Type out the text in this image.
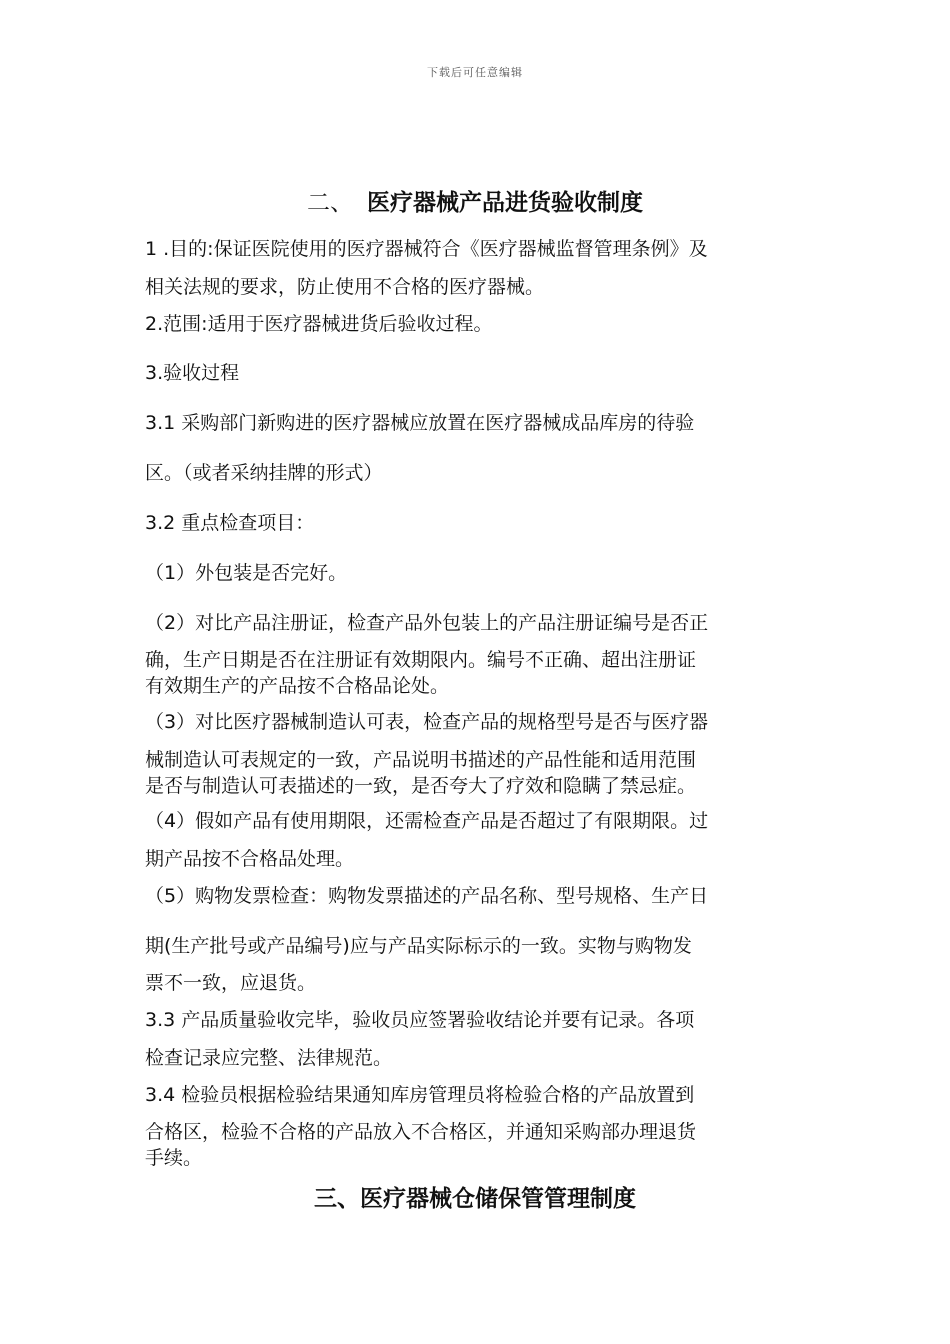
下载后可任意编辑
二、 医疗器械产品进货验收制度
1 .目的:保证医院使用的医疗器械符合《医疗器械监督管理条例》及
相关法规的要求，防止使用不合格的医疗器械。
2.范围:适用于医疗器械进货后验收过程。
3.验收过程
3.1 采购部门新购进的医疗器械应放置在医疗器械成品库房的待验
区。（或者采纳挂牌的形式）
3.2 重点检查项目：
（1）外包装是否完好。
（2）对比产品注册证，检查产品外包装上的产品注册证编号是否正
确，生产日期是否在注册证有效期限内。编号不正确、超出注册证
有效期生产的产品按不合格品论处。
（3）对比医疗器械制造认可表，检查产品的规格型号是否与医疗器
械制造认可表规定的一致，产品说明书描述的产品性能和适用范围
是否与制造认可表描述的一致，是否夸大了疗效和隐瞒了禁忌症。
（4）假如产品有使用期限，还需检查产品是否超过了有限期限。过
期产品按不合格品处理。
（5）购物发票检查：购物发票描述的产品名称、型号规格、生产日
期(生产批号或产品编号)应与产品实际标示的一致。实物与购物发
票不一致，应退货。
3.3 产品质量验收完毕，验收员应签署验收结论并要有记录。各项
检查记录应完整、法律规范。
3.4 检验员根据检验结果通知库房管理员将检验合格的产品放置到
合格区，检验不合格的产品放入不合格区，并通知采购部办理退货
手续。
三、医疗器械仓储保管管理制度
